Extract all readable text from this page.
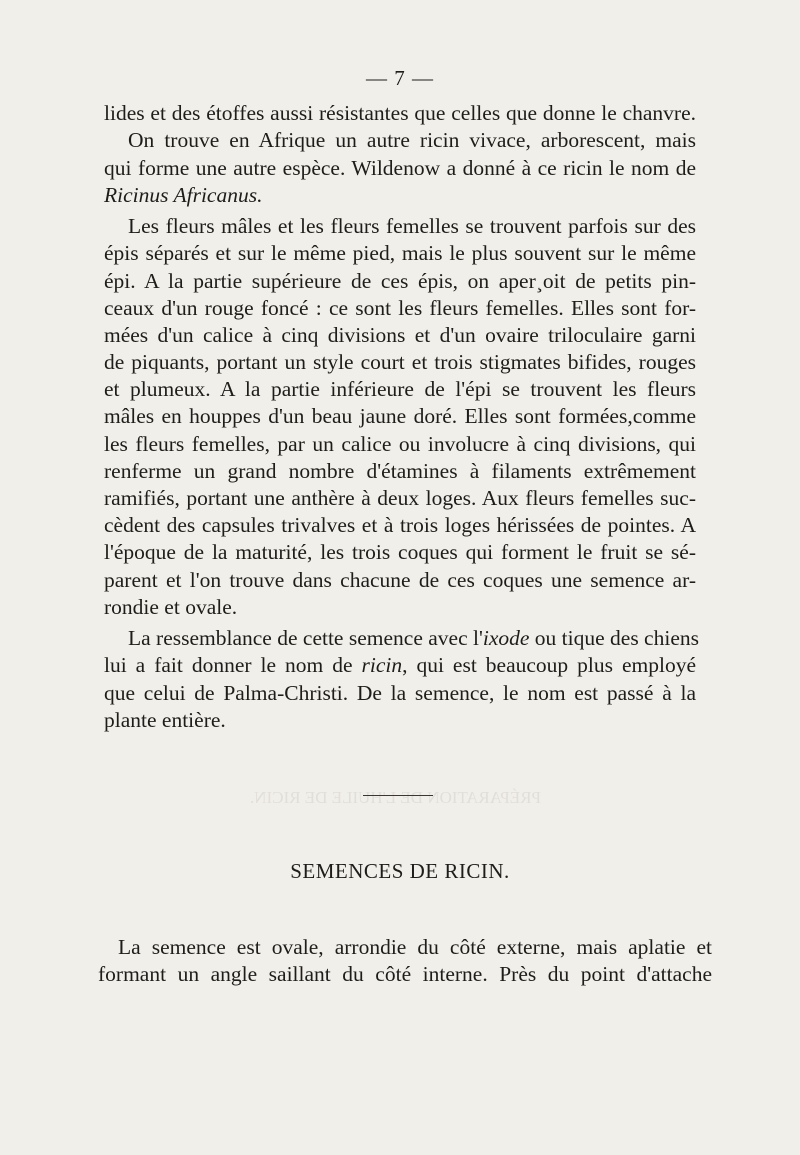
PRÉPARATION DE L'HUILE DE RICIN.
— 7 —
lides et des étoffes aussi résistantes que celles que donne le chanvre.
On trouve en Afrique un autre ricin vivace, arborescent, mais
qui forme une autre espèce. Wildenow a donné à ce ricin le nom de
Ricinus Africanus.
Les fleurs mâles et les fleurs femelles se trouvent parfois sur des
épis séparés et sur le même pied, mais le plus souvent sur le même
épi. A la partie supérieure de ces épis, on aper¸oit de petits pin-
ceaux d'un rouge foncé : ce sont les fleurs femelles. Elles sont for-
mées d'un calice à cinq divisions et d'un ovaire triloculaire garni
de piquants, portant un style court et trois stigmates bifides, rouges
et plumeux. A la partie inférieure de l'épi se trouvent les fleurs
mâles en houppes d'un beau jaune doré. Elles sont formées,comme
les fleurs femelles, par un calice ou involucre à cinq divisions, qui
renferme un grand nombre d'étamines à filaments extrêmement
ramifiés, portant une anthère à deux loges. Aux fleurs femelles suc-
cèdent des capsules trivalves et à trois loges hérissées de pointes. A
l'époque de la maturité, les trois coques qui forment le fruit se sé-
parent et l'on trouve dans chacune de ces coques une semence ar-
rondie et ovale.
La ressemblance de cette semence avec l'ixode ou tique des chiens
lui a fait donner le nom de ricin, qui est beaucoup plus employé
que celui de Palma-Christi. De la semence, le nom est passé à la
plante entière.
SEMENCES DE RICIN.
La semence est ovale, arrondie du côté externe, mais aplatie et
formant un angle saillant du côté interne. Près du point d'attache
